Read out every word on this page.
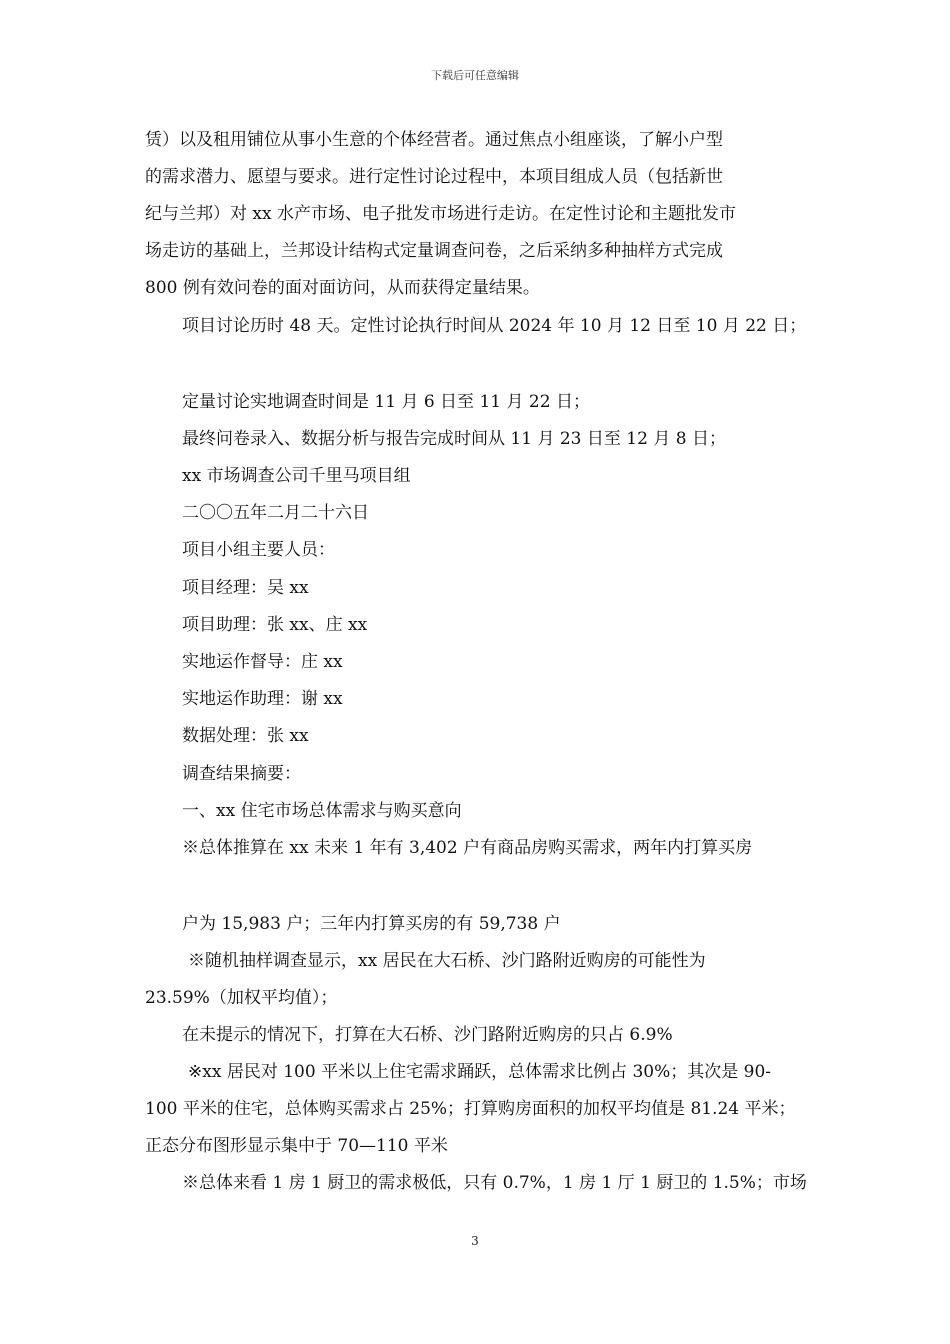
下载后可任意编辑
赁）以及租用铺位从事小生意的个体经营者。通过焦点小组座谈，了解小户型
的需求潜力、愿望与要求。进行定性讨论过程中，本项目组成人员（包括新世
纪与兰邦）对 xx 水产市场、电子批发市场进行走访。在定性讨论和主题批发市
场走访的基础上，兰邦设计结构式定量调查问卷，之后采纳多种抽样方式完成
800 例有效问卷的面对面访问，从而获得定量结果。
项目讨论历时 48 天。定性讨论执行时间从 2024 年 10 月 12 日至 10 月 22 日；
定量讨论实地调查时间是 11 月 6 日至 11 月 22 日；
最终问卷录入、数据分析与报告完成时间从 11 月 23 日至 12 月 8 日；
xx 市场调查公司千里马项目组
二〇〇五年二月二十六日
项目小组主要人员：
项目经理：吴 xx
项目助理：张 xx、庄 xx
实地运作督导：庄 xx
实地运作助理：谢 xx
数据处理：张 xx
调查结果摘要：
一、xx 住宅市场总体需求与购买意向
※总体推算在 xx 未来 1 年有 3,402 户有商品房购买需求，两年内打算买房
户为 15,983 户；三年内打算买房的有 59,738 户
※随机抽样调查显示，xx 居民在大石桥、沙门路附近购房的可能性为
23.59%（加权平均值）；
在未提示的情况下，打算在大石桥、沙门路附近购房的只占 6.9%
※xx 居民对 100 平米以上住宅需求踊跃，总体需求比例占 30%；其次是 90-
100 平米的住宅，总体购买需求占 25%；打算购房面积的加权平均值是 81.24 平米；
正态分布图形显示集中于 70—110 平米
※总体来看 1 房 1 厨卫的需求极低，只有 0.7%，1 房 1 厅 1 厨卫的 1.5%；市场
3
